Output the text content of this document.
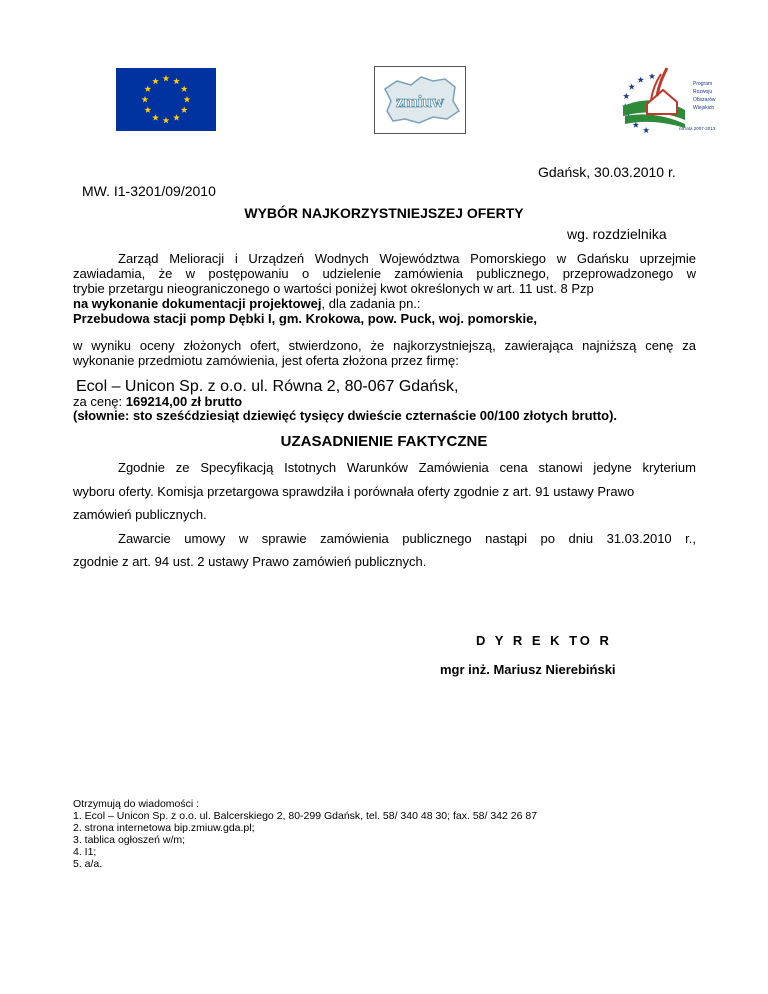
zmiuw
Program
Rozwoju
Obszarów
Wiejskich
na lata 2007-2013
Gdańsk, 30.03.2010 r.
MW. I1-3201/09/2010
WYBÓR NAJKORZYSTNIEJSZEJ OFERTY
wg. rozdzielnika
Zarząd Melioracji i Urządzeń Wodnych Województwa Pomorskiego w Gdańsku uprzejmie
zawiadamia, że w postępowaniu o udzielenie zamówienia publicznego, przeprowadzonego w
trybie przetargu nieograniczonego o wartości poniżej kwot określonych w art. 11 ust. 8 Pzp
na wykonanie dokumentacji projektowej, dla zadania pn.:
Przebudowa stacji pomp Dębki I, gm. Krokowa, pow. Puck, woj. pomorskie,
w wyniku oceny złożonych ofert, stwierdzono, że najkorzystniejszą, zawierająca najniższą cenę za
wykonanie przedmiotu zamówienia, jest oferta złożona przez firmę:
Ecol – Unicon Sp. z o.o. ul. Równa 2, 80-067 Gdańsk,
za cenę: 169214,00 zł brutto
(słownie: sto sześćdziesiąt dziewięć tysięcy dwieście czternaście 00/100 złotych brutto).
UZASADNIENIE FAKTYCZNE
Zgodnie ze Specyfikacją Istotnych Warunków Zamówienia cena stanowi jedyne kryterium
wyboru oferty. Komisja przetargowa sprawdziła i porównała oferty zgodnie z art. 91 ustawy Prawo
zamówień publicznych.
Zawarcie umowy w sprawie zamówienia publicznego nastąpi po dniu 31.03.2010 r.,
zgodnie z art. 94 ust. 2 ustawy Prawo zamówień publicznych.
D Y R E K TO R
mgr inż. Mariusz Nierebiński
Otrzymują do wiadomości :
1. Ecol – Unicon Sp. z o.o. ul. Balcerskiego 2, 80-299 Gdańsk, tel. 58/ 340 48 30; fax. 58/ 342 26 87
2. strona internetowa bip.zmiuw.gda.pl;
3. tablica ogłoszeń w/m;
4. I1;
5. a/a.
